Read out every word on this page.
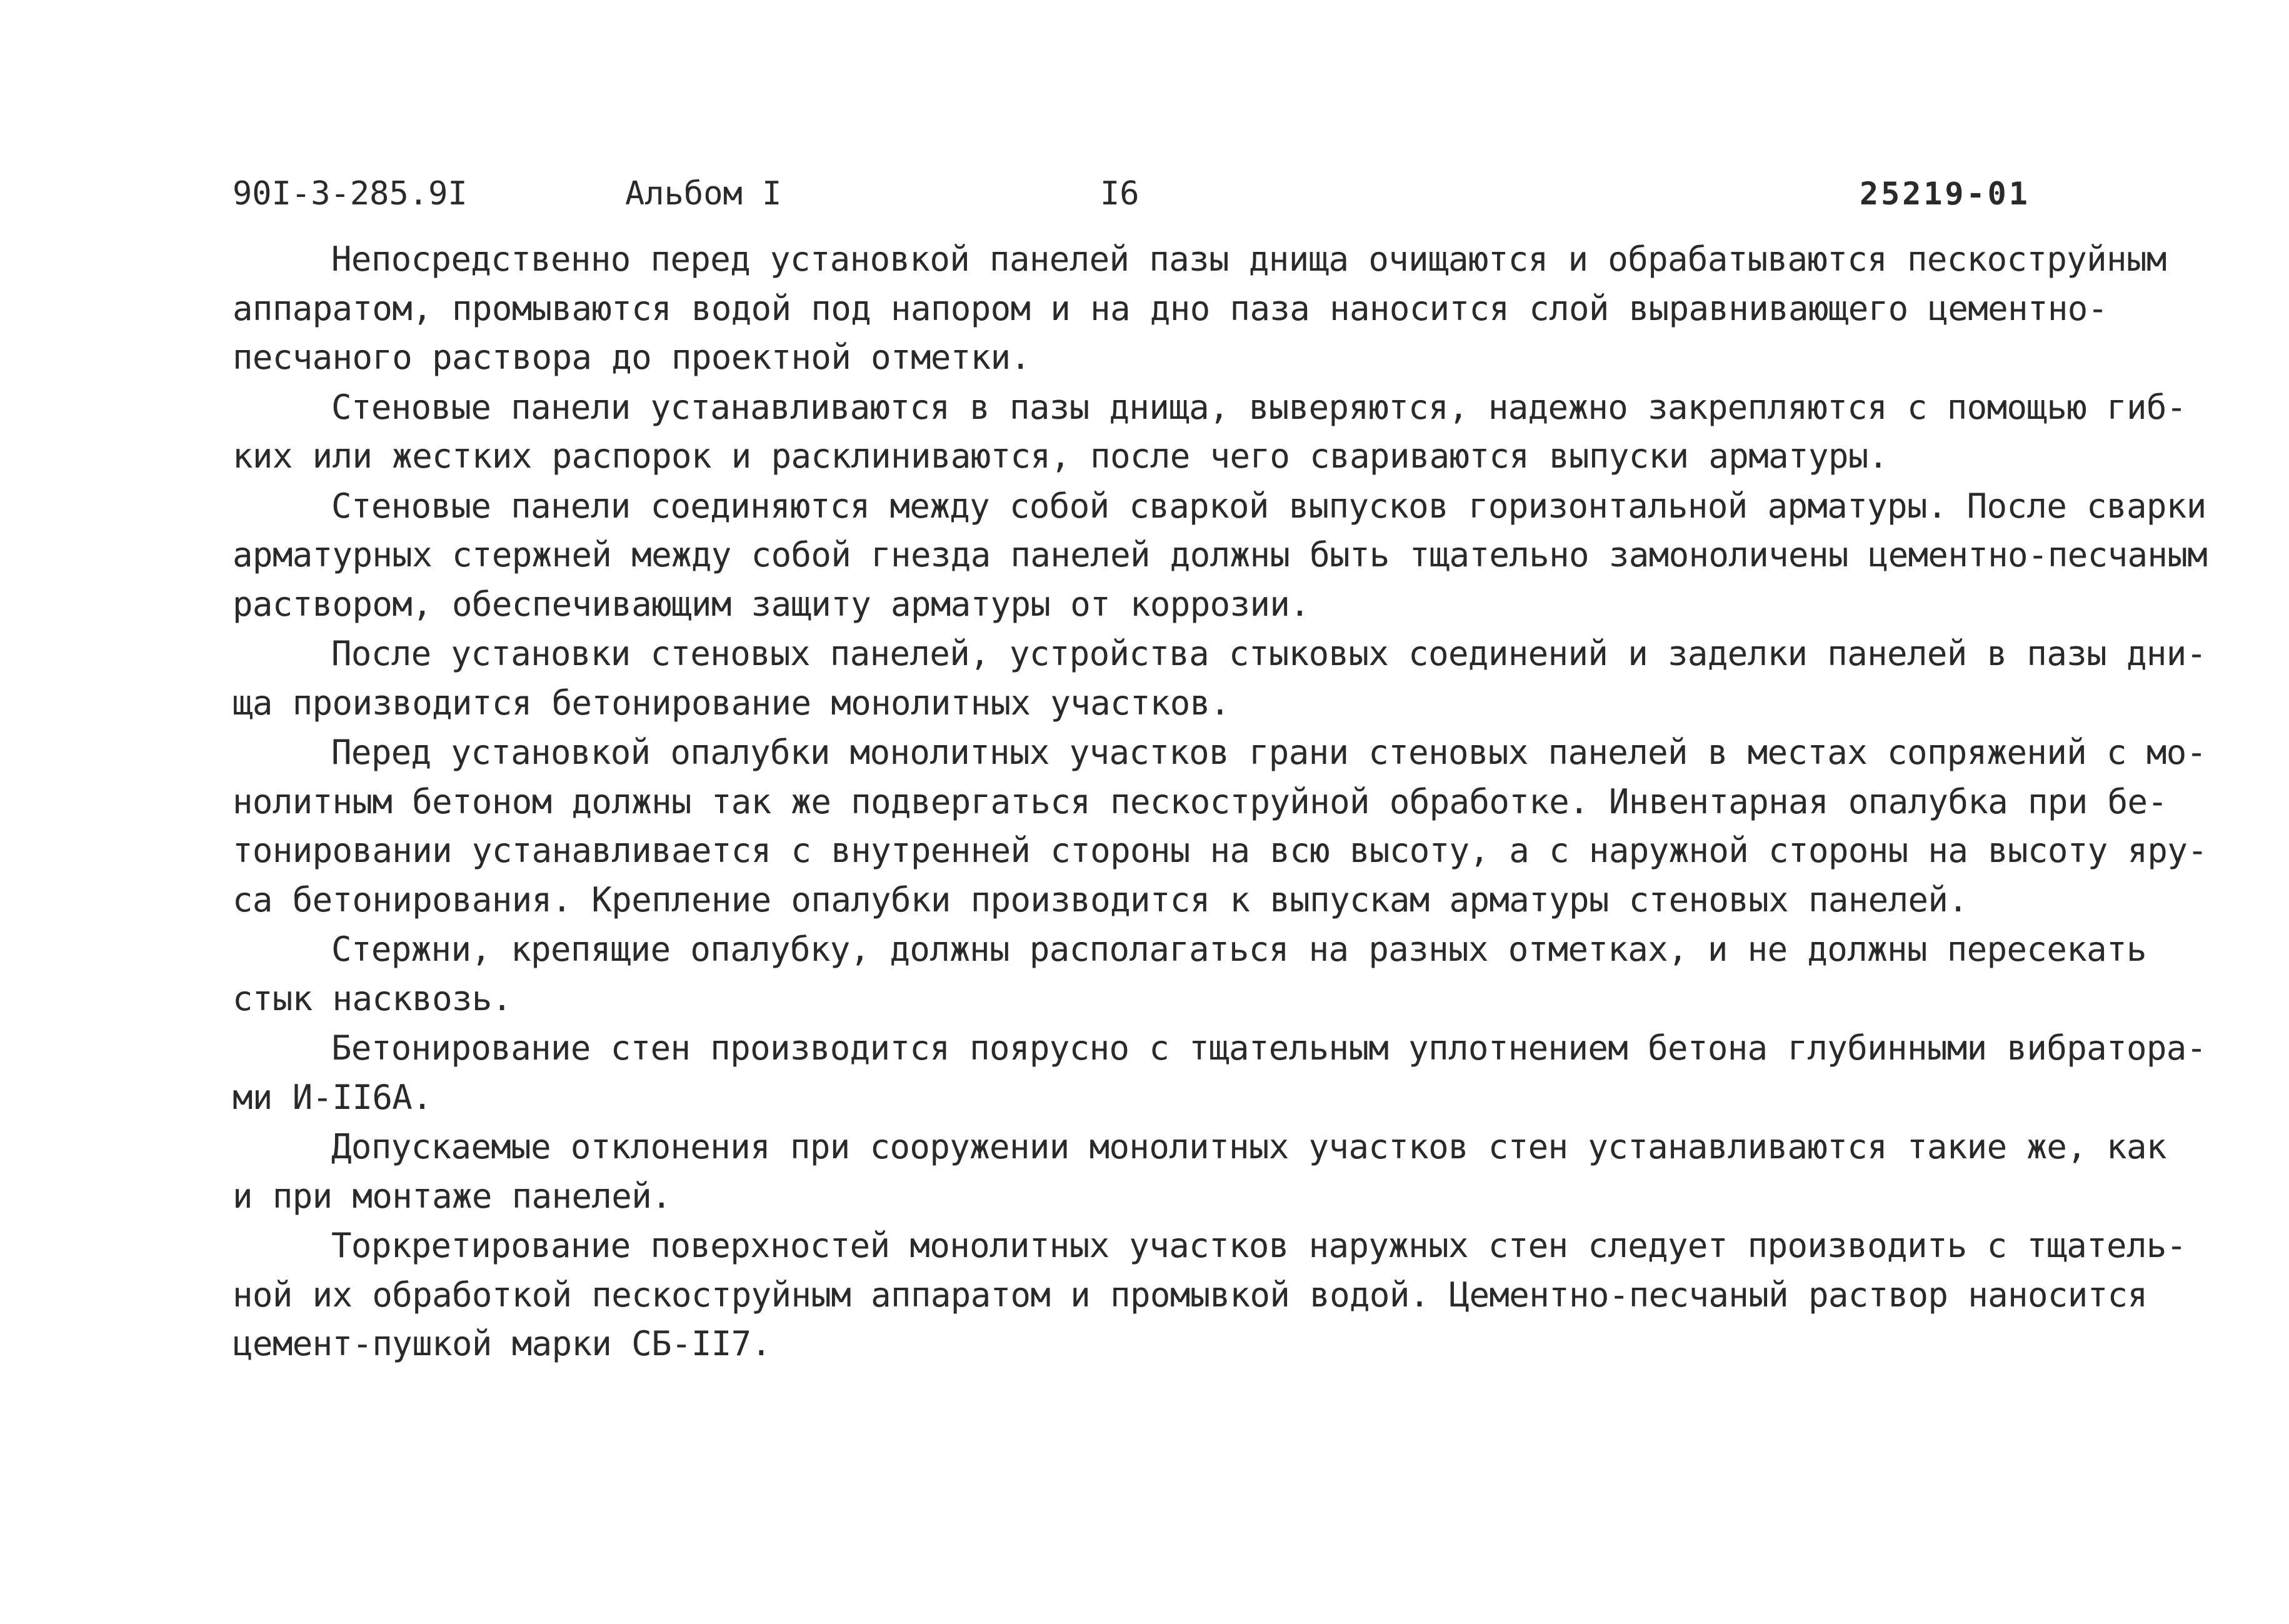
90I-3-285.9I	Альбом I	I6	25219-01
Непосредственно перед установкой панелей пазы днища очищаются и обрабатываются пескоструйным
аппаратом, промываются водой под напором и на дно паза наносится слой выравнивающего цементно-
песчаного раствора до проектной отметки.
Стеновые панели устанавливаются в пазы днища, выверяются, надежно закрепляются с помощью гиб-
ких или жестких распорок и расклиниваются, после чего свариваются выпуски арматуры.
Стеновые панели соединяются между собой сваркой выпусков горизонтальной арматуры. После сварки
арматурных стержней между собой гнезда панелей должны быть тщательно замоноличены цементно-песчаным
раствором, обеспечивающим защиту арматуры от коррозии.
После установки стеновых панелей, устройства стыковых соединений и заделки панелей в пазы дни-
ща производится бетонирование монолитных участков.
Перед установкой опалубки монолитных участков грани стеновых панелей в местах сопряжений с мо-
нолитным бетоном должны так же подвергаться пескоструйной обработке. Инвентарная опалубка при бе-
тонировании устанавливается с внутренней стороны на всю высоту, а с наружной стороны на высоту яру-
са бетонирования. Крепление опалубки производится к выпускам арматуры стеновых панелей.
Стержни, крепящие опалубку, должны располагаться на разных отметках, и не должны пересекать
стык насквозь.
Бетонирование стен производится поярусно с тщательным уплотнением бетона глубинными вибратора-
ми И-II6А.
Допускаемые отклонения при сооружении монолитных участков стен устанавливаются такие же, как
и при монтаже панелей.
Торкретирование поверхностей монолитных участков наружных стен следует производить с тщатель-
ной их обработкой пескоструйным аппаратом и промывкой водой. Цементно-песчаный раствор наносится
цемент-пушкой марки СБ-II7.
